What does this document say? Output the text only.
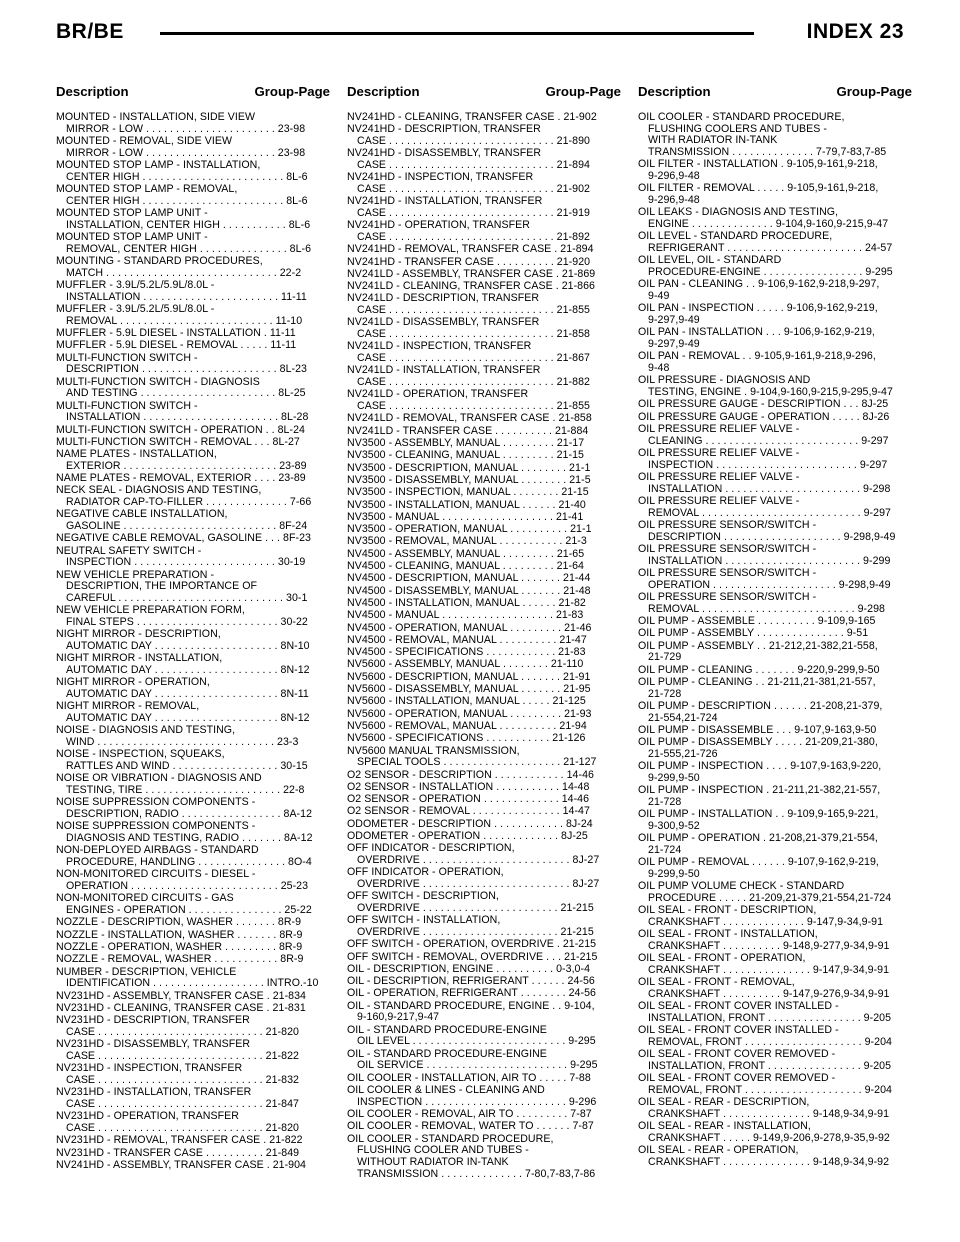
BR/BE	INDEX 23
Description	Group-Page
MOUNTED - INSTALLATION, SIDE VIEW
MIRROR - LOW . . . . . . . . . . . . . . . . . . . . . . 23-98
MOUNTED - REMOVAL, SIDE VIEW
MIRROR - LOW . . . . . . . . . . . . . . . . . . . . . . 23-98
MOUNTED STOP LAMP - INSTALLATION,
CENTER HIGH . . . . . . . . . . . . . . . . . . . . . . . . 8L-6
MOUNTED STOP LAMP - REMOVAL,
CENTER HIGH . . . . . . . . . . . . . . . . . . . . . . . . 8L-6
MOUNTED STOP LAMP UNIT -
INSTALLATION, CENTER HIGH . . . . . . . . . . . 8L-6
MOUNTED STOP LAMP UNIT -
REMOVAL, CENTER HIGH . . . . . . . . . . . . . . . 8L-6
MOUNTING - STANDARD PROCEDURES,
MATCH . . . . . . . . . . . . . . . . . . . . . . . . . . . . . 22-2
MUFFLER - 3.9L/5.2L/5.9L/8.0L -
INSTALLATION . . . . . . . . . . . . . . . . . . . . . . . 11-11
MUFFLER - 3.9L/5.2L/5.9L/8.0L -
REMOVAL . . . . . . . . . . . . . . . . . . . . . . . . . . 11-10
MUFFLER - 5.9L DIESEL - INSTALLATION . 11-11
MUFFLER - 5.9L DIESEL - REMOVAL . . . . . 11-11
MULTI-FUNCTION SWITCH -
DESCRIPTION . . . . . . . . . . . . . . . . . . . . . . . 8L-23
MULTI-FUNCTION SWITCH - DIAGNOSIS
AND TESTING . . . . . . . . . . . . . . . . . . . . . . . 8L-25
MULTI-FUNCTION SWITCH -
INSTALLATION . . . . . . . . . . . . . . . . . . . . . . . 8L-28
MULTI-FUNCTION SWITCH - OPERATION . . 8L-24
MULTI-FUNCTION SWITCH - REMOVAL . . . 8L-27
NAME PLATES - INSTALLATION,
EXTERIOR . . . . . . . . . . . . . . . . . . . . . . . . . . 23-89
NAME PLATES - REMOVAL, EXTERIOR . . . . 23-89
NECK SEAL - DIAGNOSIS AND TESTING,
RADIATOR CAP-TO-FILLER . . . . . . . . . . . . . . 7-66
NEGATIVE CABLE INSTALLATION,
GASOLINE . . . . . . . . . . . . . . . . . . . . . . . . . . 8F-24
NEGATIVE CABLE REMOVAL, GASOLINE . . . 8F-23
NEUTRAL SAFETY SWITCH -
INSPECTION . . . . . . . . . . . . . . . . . . . . . . . . 30-19
NEW VEHICLE PREPARATION -
DESCRIPTION, THE IMPORTANCE OF
CAREFUL . . . . . . . . . . . . . . . . . . . . . . . . . . . . 30-1
NEW VEHICLE PREPARATION FORM,
FINAL STEPS . . . . . . . . . . . . . . . . . . . . . . . . 30-22
NIGHT MIRROR - DESCRIPTION,
AUTOMATIC DAY . . . . . . . . . . . . . . . . . . . . . 8N-10
NIGHT MIRROR - INSTALLATION,
AUTOMATIC DAY . . . . . . . . . . . . . . . . . . . . . 8N-12
NIGHT MIRROR - OPERATION,
AUTOMATIC DAY . . . . . . . . . . . . . . . . . . . . . 8N-11
NIGHT MIRROR - REMOVAL,
AUTOMATIC DAY . . . . . . . . . . . . . . . . . . . . . 8N-12
NOISE - DIAGNOSIS AND TESTING,
WIND . . . . . . . . . . . . . . . . . . . . . . . . . . . . . . 23-3
NOISE - INSPECTION, SQUEAKS,
RATTLES AND WIND . . . . . . . . . . . . . . . . . . 30-15
NOISE OR VIBRATION - DIAGNOSIS AND
TESTING, TIRE . . . . . . . . . . . . . . . . . . . . . . . 22-8
NOISE SUPPRESSION COMPONENTS -
DESCRIPTION, RADIO . . . . . . . . . . . . . . . . . 8A-12
NOISE SUPPRESSION COMPONENTS -
DIAGNOSIS AND TESTING, RADIO . . . . . . . 8A-12
NON-DEPLOYED AIRBAGS - STANDARD
PROCEDURE, HANDLING . . . . . . . . . . . . . . . 8O-4
NON-MONITORED CIRCUITS - DIESEL -
OPERATION . . . . . . . . . . . . . . . . . . . . . . . . . 25-23
NON-MONITORED CIRCUITS - GAS
ENGINES - OPERATION . . . . . . . . . . . . . . . . 25-22
NOZZLE - DESCRIPTION, WASHER . . . . . . . 8R-9
NOZZLE - INSTALLATION, WASHER . . . . . . . 8R-9
NOZZLE - OPERATION, WASHER . . . . . . . . . 8R-9
NOZZLE - REMOVAL, WASHER . . . . . . . . . . . 8R-9
NUMBER - DESCRIPTION, VEHICLE
IDENTIFICATION . . . . . . . . . . . . . . . . . . . INTRO.-10
NV231HD - ASSEMBLY, TRANSFER CASE . 21-834
NV231HD - CLEANING, TRANSFER CASE . 21-831
NV231HD - DESCRIPTION, TRANSFER
CASE . . . . . . . . . . . . . . . . . . . . . . . . . . . . 21-820
NV231HD - DISASSEMBLY, TRANSFER
CASE . . . . . . . . . . . . . . . . . . . . . . . . . . . . 21-822
NV231HD - INSPECTION, TRANSFER
CASE . . . . . . . . . . . . . . . . . . . . . . . . . . . . 21-832
NV231HD - INSTALLATION, TRANSFER
CASE . . . . . . . . . . . . . . . . . . . . . . . . . . . . 21-847
NV231HD - OPERATION, TRANSFER
CASE . . . . . . . . . . . . . . . . . . . . . . . . . . . . 21-820
NV231HD - REMOVAL, TRANSFER CASE . 21-822
NV231HD - TRANSFER CASE . . . . . . . . . . 21-849
NV241HD - ASSEMBLY, TRANSFER CASE . 21-904
Description	Group-Page
NV241HD - CLEANING, TRANSFER CASE . 21-902
NV241HD - DESCRIPTION, TRANSFER
CASE . . . . . . . . . . . . . . . . . . . . . . . . . . . . 21-890
NV241HD - DISASSEMBLY, TRANSFER
CASE . . . . . . . . . . . . . . . . . . . . . . . . . . . . 21-894
NV241HD - INSPECTION, TRANSFER
CASE . . . . . . . . . . . . . . . . . . . . . . . . . . . . 21-902
NV241HD - INSTALLATION, TRANSFER
CASE . . . . . . . . . . . . . . . . . . . . . . . . . . . . 21-919
NV241HD - OPERATION, TRANSFER
CASE . . . . . . . . . . . . . . . . . . . . . . . . . . . . 21-892
NV241HD - REMOVAL, TRANSFER CASE . 21-894
NV241HD - TRANSFER CASE . . . . . . . . . . 21-920
NV241LD - ASSEMBLY, TRANSFER CASE . 21-869
NV241LD - CLEANING, TRANSFER CASE . 21-866
NV241LD - DESCRIPTION, TRANSFER
CASE . . . . . . . . . . . . . . . . . . . . . . . . . . . . 21-855
NV241LD - DISASSEMBLY, TRANSFER
CASE . . . . . . . . . . . . . . . . . . . . . . . . . . . . 21-858
NV241LD - INSPECTION, TRANSFER
CASE . . . . . . . . . . . . . . . . . . . . . . . . . . . . 21-867
NV241LD - INSTALLATION, TRANSFER
CASE . . . . . . . . . . . . . . . . . . . . . . . . . . . . 21-882
NV241LD - OPERATION, TRANSFER
CASE . . . . . . . . . . . . . . . . . . . . . . . . . . . . 21-855
NV241LD - REMOVAL, TRANSFER CASE . 21-858
NV241LD - TRANSFER CASE . . . . . . . . . . 21-884
NV3500 - ASSEMBLY, MANUAL . . . . . . . . . 21-17
NV3500 - CLEANING, MANUAL . . . . . . . . . 21-15
NV3500 - DESCRIPTION, MANUAL . . . . . . . . 21-1
NV3500 - DISASSEMBLY, MANUAL . . . . . . . . 21-5
NV3500 - INSPECTION, MANUAL . . . . . . . . 21-15
NV3500 - INSTALLATION, MANUAL . . . . . . 21-40
NV3500 - MANUAL . . . . . . . . . . . . . . . . . . . 21-41
NV3500 - OPERATION, MANUAL . . . . . . . . . . 21-1
NV3500 - REMOVAL, MANUAL . . . . . . . . . . . 21-3
NV4500 - ASSEMBLY, MANUAL . . . . . . . . . 21-65
NV4500 - CLEANING, MANUAL . . . . . . . . . 21-64
NV4500 - DESCRIPTION, MANUAL . . . . . . . 21-44
NV4500 - DISASSEMBLY, MANUAL . . . . . . . 21-48
NV4500 - INSTALLATION, MANUAL . . . . . . 21-82
NV4500 - MANUAL . . . . . . . . . . . . . . . . . . . 21-83
NV4500 - OPERATION, MANUAL . . . . . . . . . 21-46
NV4500 - REMOVAL, MANUAL . . . . . . . . . . 21-47
NV4500 - SPECIFICATIONS . . . . . . . . . . . . 21-83
NV5600 - ASSEMBLY, MANUAL . . . . . . . . 21-110
NV5600 - DESCRIPTION, MANUAL . . . . . . . 21-91
NV5600 - DISASSEMBLY, MANUAL . . . . . . . 21-95
NV5600 - INSTALLATION, MANUAL . . . . . 21-125
NV5600 - OPERATION, MANUAL . . . . . . . . . 21-93
NV5600 - REMOVAL, MANUAL . . . . . . . . . . 21-94
NV5600 - SPECIFICATIONS . . . . . . . . . . . 21-126
NV5600 MANUAL TRANSMISSION,
SPECIAL TOOLS . . . . . . . . . . . . . . . . . . . . 21-127
O2 SENSOR - DESCRIPTION . . . . . . . . . . . . 14-46
O2 SENSOR - INSTALLATION . . . . . . . . . . . 14-48
O2 SENSOR - OPERATION . . . . . . . . . . . . . 14-46
O2 SENSOR - REMOVAL . . . . . . . . . . . . . . . 14-47
ODOMETER - DESCRIPTION . . . . . . . . . . . . 8J-24
ODOMETER - OPERATION . . . . . . . . . . . . . 8J-25
OFF INDICATOR - DESCRIPTION,
OVERDRIVE . . . . . . . . . . . . . . . . . . . . . . . . . 8J-27
OFF INDICATOR - OPERATION,
OVERDRIVE . . . . . . . . . . . . . . . . . . . . . . . . . 8J-27
OFF SWITCH - DESCRIPTION,
OVERDRIVE . . . . . . . . . . . . . . . . . . . . . . . 21-215
OFF SWITCH - INSTALLATION,
OVERDRIVE . . . . . . . . . . . . . . . . . . . . . . . 21-215
OFF SWITCH - OPERATION, OVERDRIVE . 21-215
OFF SWITCH - REMOVAL, OVERDRIVE . . . 21-215
OIL - DESCRIPTION, ENGINE . . . . . . . . . . 0-3,0-4
OIL - DESCRIPTION, REFRIGERANT . . . . . . 24-56
OIL - OPERATION, REFRIGERANT . . . . . . . . 24-56
OIL - STANDARD PROCEDURE, ENGINE . . 9-104,
9-160,9-217,9-47
OIL - STANDARD PROCEDURE-ENGINE
OIL LEVEL . . . . . . . . . . . . . . . . . . . . . . . . . . 9-295
OIL - STANDARD PROCEDURE-ENGINE
OIL SERVICE . . . . . . . . . . . . . . . . . . . . . . . . 9-295
OIL COOLER - INSTALLATION, AIR TO . . . . . 7-88
OIL COOLER & LINES - CLEANING AND
INSPECTION . . . . . . . . . . . . . . . . . . . . . . . . 9-296
OIL COOLER - REMOVAL, AIR TO . . . . . . . . . 7-87
OIL COOLER - REMOVAL, WATER TO . . . . . . 7-87
OIL COOLER - STANDARD PROCEDURE,
FLUSHING COOLER AND TUBES -
WITHOUT RADIATOR IN-TANK
TRANSMISSION . . . . . . . . . . . . . . 7-80,7-83,7-86
Description	Group-Page
OIL COOLER - STANDARD PROCEDURE,
FLUSHING COOLERS AND TUBES -
WITH RADIATOR IN-TANK
TRANSMISSION . . . . . . . . . . . . . . 7-79,7-83,7-85
OIL FILTER - INSTALLATION . 9-105,9-161,9-218,
9-296,9-48
OIL FILTER - REMOVAL . . . . . 9-105,9-161,9-218,
9-296,9-48
OIL LEAKS - DIAGNOSIS AND TESTING,
ENGINE . . . . . . . . . . . . . . 9-104,9-160,9-215,9-47
OIL LEVEL - STANDARD PROCEDURE,
REFRIGERANT . . . . . . . . . . . . . . . . . . . . . . . 24-57
OIL LEVEL, OIL - STANDARD
PROCEDURE-ENGINE . . . . . . . . . . . . . . . . . 9-295
OIL PAN - CLEANING . . 9-106,9-162,9-218,9-297,
9-49
OIL PAN - INSPECTION . . . . . 9-106,9-162,9-219,
9-297,9-49
OIL PAN - INSTALLATION . . . 9-106,9-162,9-219,
9-297,9-49
OIL PAN - REMOVAL . . 9-105,9-161,9-218,9-296,
9-48
OIL PRESSURE - DIAGNOSIS AND
TESTING, ENGINE . 9-104,9-160,9-215,9-295,9-47
OIL PRESSURE GAUGE - DESCRIPTION . . . 8J-25
OIL PRESSURE GAUGE - OPERATION . . . . . 8J-26
OIL PRESSURE RELIEF VALVE -
CLEANING . . . . . . . . . . . . . . . . . . . . . . . . . . 9-297
OIL PRESSURE RELIEF VALVE -
INSPECTION . . . . . . . . . . . . . . . . . . . . . . . . 9-297
OIL PRESSURE RELIEF VALVE -
INSTALLATION . . . . . . . . . . . . . . . . . . . . . . . 9-298
OIL PRESSURE RELIEF VALVE -
REMOVAL . . . . . . . . . . . . . . . . . . . . . . . . . . . 9-297
OIL PRESSURE SENSOR/SWITCH -
DESCRIPTION . . . . . . . . . . . . . . . . . . . . 9-298,9-49
OIL PRESSURE SENSOR/SWITCH -
INSTALLATION . . . . . . . . . . . . . . . . . . . . . . . 9-299
OIL PRESSURE SENSOR/SWITCH -
OPERATION . . . . . . . . . . . . . . . . . . . . . 9-298,9-49
OIL PRESSURE SENSOR/SWITCH -
REMOVAL . . . . . . . . . . . . . . . . . . . . . . . . . . 9-298
OIL PUMP - ASSEMBLE . . . . . . . . . . 9-109,9-165
OIL PUMP - ASSEMBLY . . . . . . . . . . . . . . . 9-51
OIL PUMP - ASSEMBLY . . 21-212,21-382,21-558,
21-729
OIL PUMP - CLEANING . . . . . . . 9-220,9-299,9-50
OIL PUMP - CLEANING . . 21-211,21-381,21-557,
21-728
OIL PUMP - DESCRIPTION . . . . . . 21-208,21-379,
21-554,21-724
OIL PUMP - DISASSEMBLE . . . 9-107,9-163,9-50
OIL PUMP - DISASSEMBLY . . . . . 21-209,21-380,
21-555,21-726
OIL PUMP - INSPECTION . . . . 9-107,9-163,9-220,
9-299,9-50
OIL PUMP - INSPECTION . 21-211,21-382,21-557,
21-728
OIL PUMP - INSTALLATION . . 9-109,9-165,9-221,
9-300,9-52
OIL PUMP - OPERATION . 21-208,21-379,21-554,
21-724
OIL PUMP - REMOVAL . . . . . . 9-107,9-162,9-219,
9-299,9-50
OIL PUMP VOLUME CHECK - STANDARD
PROCEDURE . . . . . 21-209,21-379,21-554,21-724
OIL SEAL - FRONT - DESCRIPTION,
CRANKSHAFT . . . . . . . . . . . . . . 9-147,9-34,9-91
OIL SEAL - FRONT - INSTALLATION,
CRANKSHAFT . . . . . . . . . . 9-148,9-277,9-34,9-91
OIL SEAL - FRONT - OPERATION,
CRANKSHAFT . . . . . . . . . . . . . . . 9-147,9-34,9-91
OIL SEAL - FRONT - REMOVAL,
CRANKSHAFT . . . . . . . . . . 9-147,9-276,9-34,9-91
OIL SEAL - FRONT COVER INSTALLED -
INSTALLATION, FRONT . . . . . . . . . . . . . . . . 9-205
OIL SEAL - FRONT COVER INSTALLED -
REMOVAL, FRONT . . . . . . . . . . . . . . . . . . . . 9-204
OIL SEAL - FRONT COVER REMOVED -
INSTALLATION, FRONT . . . . . . . . . . . . . . . . 9-205
OIL SEAL - FRONT COVER REMOVED -
REMOVAL, FRONT . . . . . . . . . . . . . . . . . . . . 9-204
OIL SEAL - REAR - DESCRIPTION,
CRANKSHAFT . . . . . . . . . . . . . . . 9-148,9-34,9-91
OIL SEAL - REAR - INSTALLATION,
CRANKSHAFT . . . . . 9-149,9-206,9-278,9-35,9-92
OIL SEAL - REAR - OPERATION,
CRANKSHAFT . . . . . . . . . . . . . . . 9-148,9-34,9-92
